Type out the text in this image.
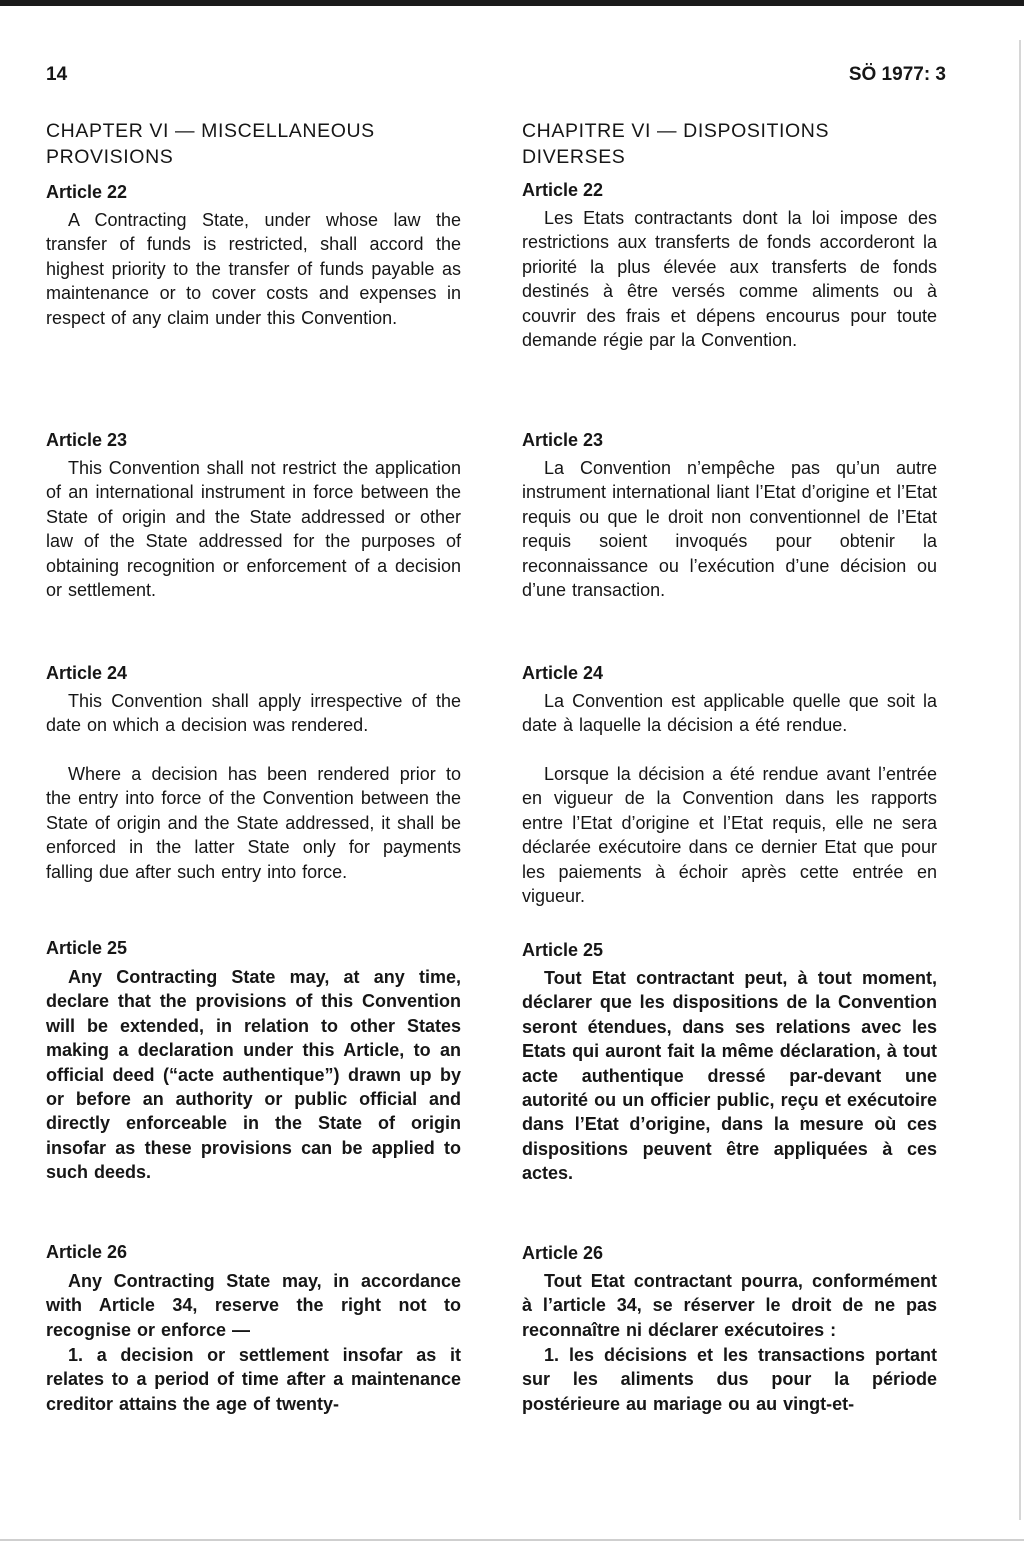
14	SÖ 1977: 3
CHAPTER VI — MISCELLANEOUS PROVISIONS
Article 22

A Contracting State, under whose law the transfer of funds is restricted, shall accord the highest priority to the transfer of funds payable as maintenance or to cover costs and expenses in respect of any claim under this Convention.

Article 23

This Convention shall not restrict the application of an international instrument in force between the State of origin and the State addressed or other law of the State addressed for the purposes of obtaining recognition or enforcement of a decision or settlement.

Article 24

This Convention shall apply irrespective of the date on which a decision was rendered.

Where a decision has been rendered prior to the entry into force of the Convention between the State of origin and the State addressed, it shall be enforced in the latter State only for payments falling due after such entry into force.

Article 25

Any Contracting State may, at any time, declare that the provisions of this Convention will be extended, in relation to other States making a declaration under this Article, to an official deed (“acte authentique”) drawn up by or before an authority or public official and directly enforceable in the State of origin insofar as these provisions can be applied to such deeds.

Article 26

Any Contracting State may, in accordance with Article 34, reserve the right not to recognise or enforce —

1. a decision or settlement insofar as it relates to a period of time after a maintenance creditor attains the age of twenty-

CHAPITRE VI — DISPOSITIONS DIVERSES
Article 22

Les Etats contractants dont la loi impose des restrictions aux transferts de fonds accorderont la priorité la plus élevée aux transferts de fonds destinés à être versés comme aliments ou à couvrir des frais et dépens encourus pour toute demande régie par la Convention.

Article 23

La Convention n’empêche pas qu’un autre instrument international liant l’Etat d’origine et l’Etat requis ou que le droit non conventionnel de l’Etat requis soient invoqués pour obtenir la reconnaissance ou l’exécution d’une décision ou d’une transaction.

Article 24

La Convention est applicable quelle que soit la date à laquelle la décision a été rendue.

Lorsque la décision a été rendue avant l’entrée en vigueur de la Convention dans les rapports entre l’Etat d’origine et l’Etat requis, elle ne sera déclarée exécutoire dans ce dernier Etat que pour les paiements à échoir après cette entrée en vigueur.

Article 25

Tout Etat contractant peut, à tout moment, déclarer que les dispositions de la Convention seront étendues, dans ses relations avec les Etats qui auront fait la même déclaration, à tout acte authentique dressé par-devant une autorité ou un officier public, reçu et exécutoire dans l’Etat d’origine, dans la mesure où ces dispositions peuvent être appliquées à ces actes.

Article 26

Tout Etat contractant pourra, conformément à l’article 34, se réserver le droit de ne pas reconnaître ni déclarer exécutoires :

1. les décisions et les transactions portant sur les aliments dus pour la période postérieure au mariage ou au vingt-et-
